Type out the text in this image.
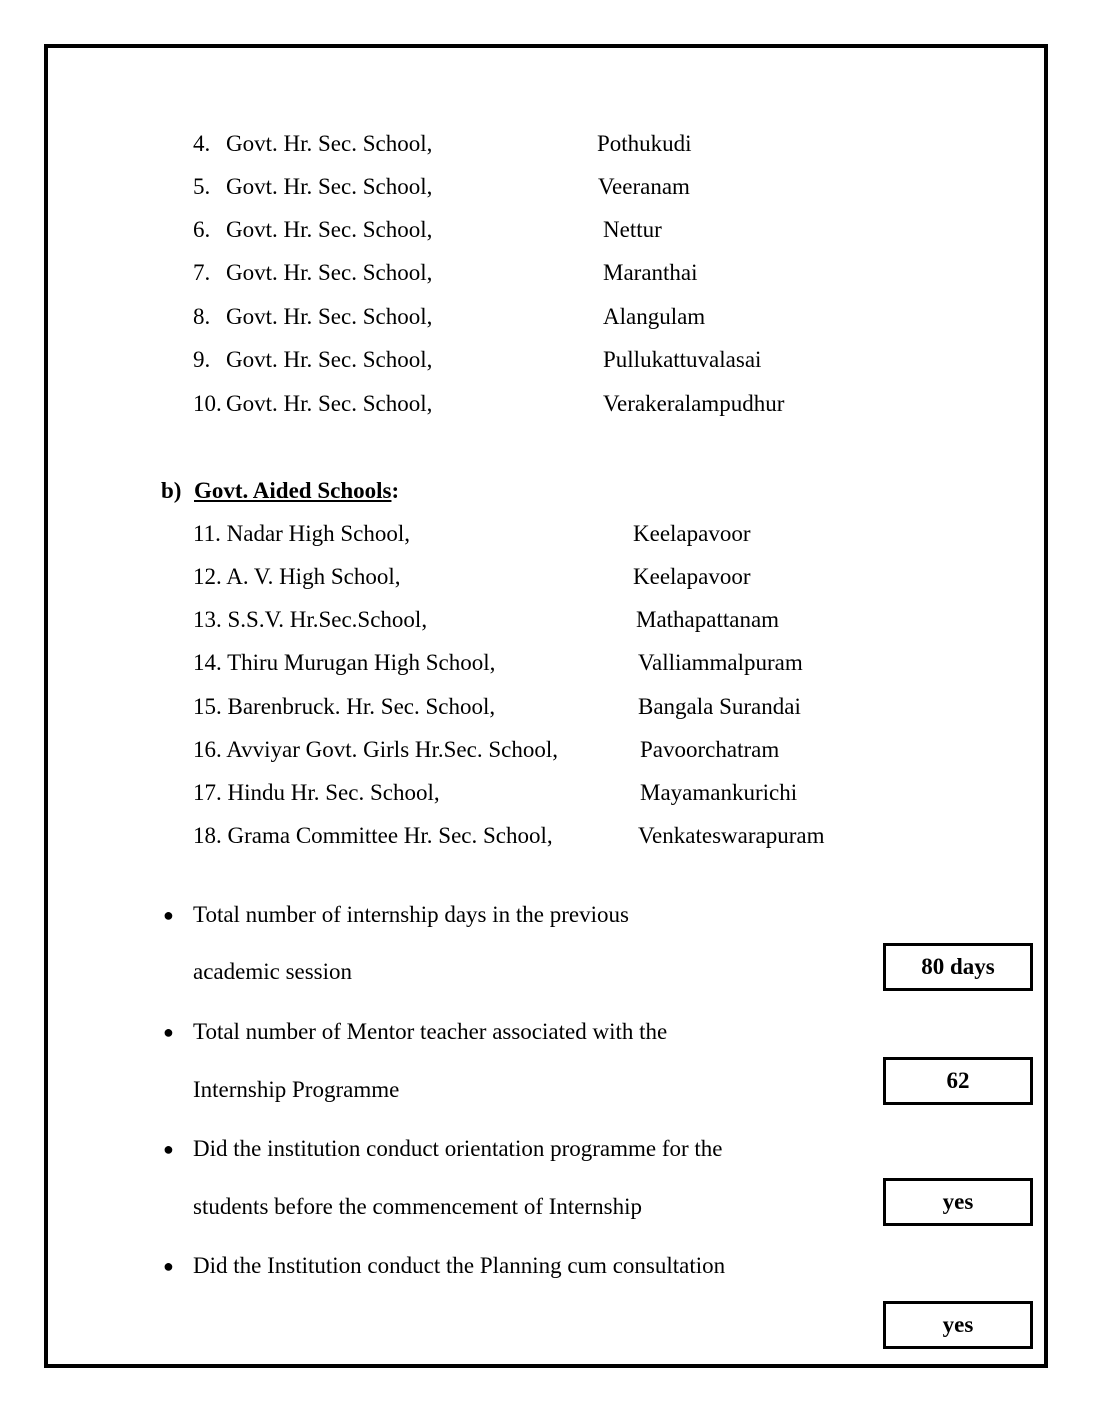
4. Govt. Hr. Sec. School,	Pothukudi
5. Govt. Hr. Sec. School,	Veeranam
6. Govt. Hr. Sec. School,	Nettur
7. Govt. Hr. Sec. School,	Maranthai
8. Govt. Hr. Sec. School,	Alangulam
9. Govt. Hr. Sec. School,	Pullukattuvalasai
10. Govt. Hr. Sec. School,	Verakeralampudhur
b) Govt. Aided Schools:
11. Nadar High School,	Keelapavoor
12. A. V. High School,	Keelapavoor
13. S.S.V. Hr.Sec.School,	Mathapattanam
14. Thiru Murugan High School,	Valliammalpuram
15. Barenbruck. Hr. Sec. School,	Bangala Surandai
16. Avviyar Govt. Girls Hr.Sec. School,	Pavoorchatram
17. Hindu Hr. Sec. School,	Mayamankurichi
18. Grama Committee Hr. Sec. School,	Venkateswarapuram
● Total number of internship days in the previous
academic session	80 days
● Total number of Mentor teacher associated with the
Internship Programme	62
● Did the institution conduct orientation programme for the
students before the commencement of Internship	yes
● Did the Institution conduct the Planning cum consultation
yes
